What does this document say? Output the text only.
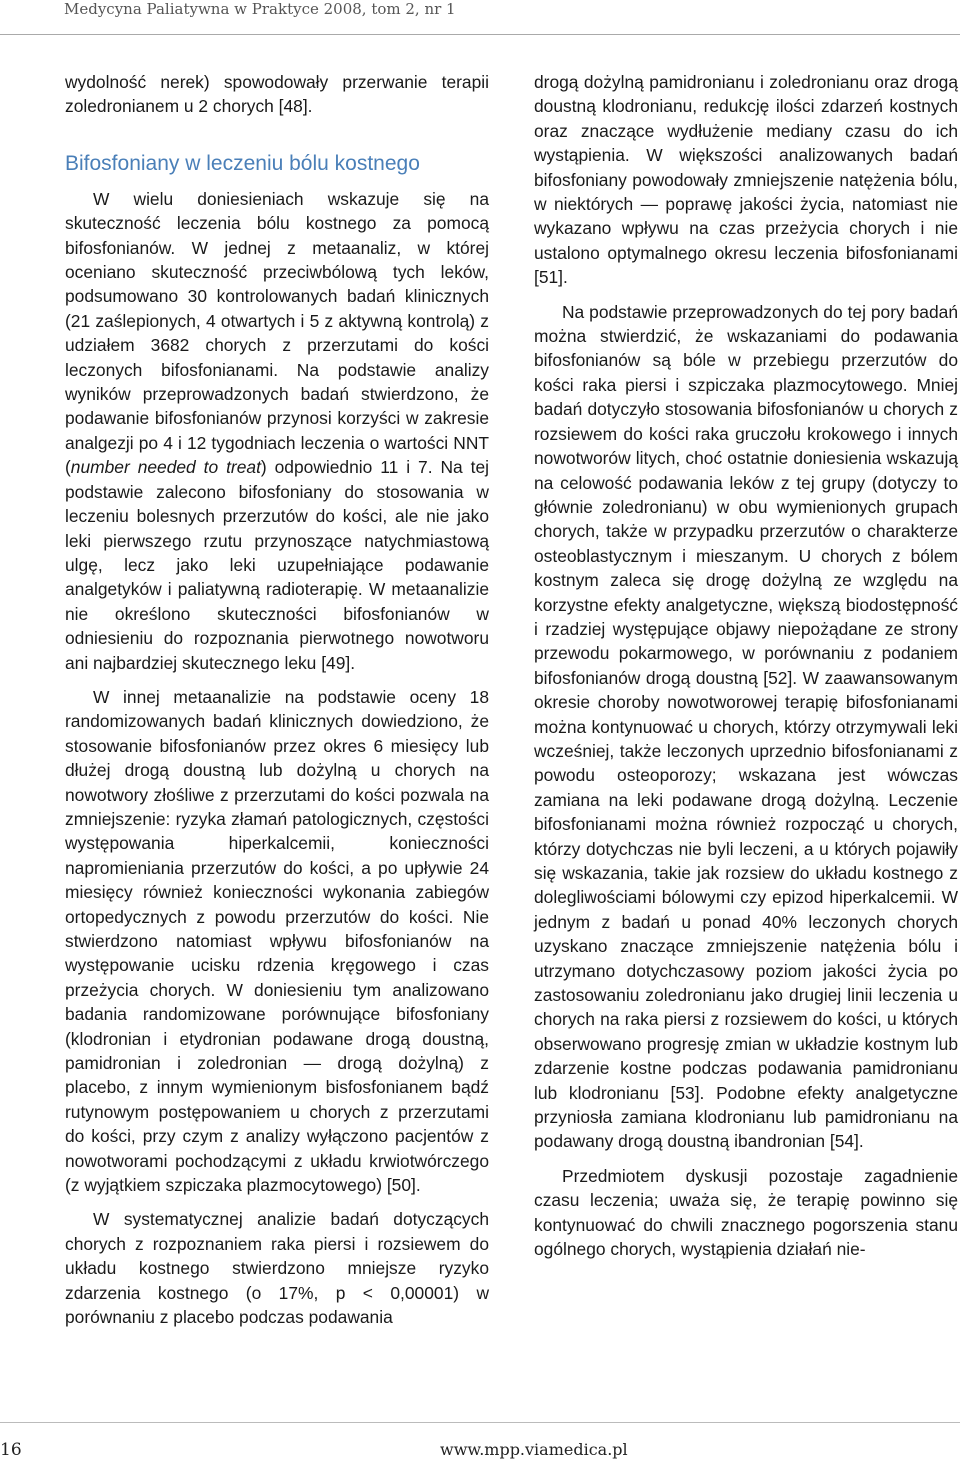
Medycyna Paliatywna w Praktyce 2008, tom 2, nr 1

wydolność nerek) spowodowały przerwanie terapii zoledronianem u 2 chorych [48].

Bifosfoniany w leczeniu bólu kostnego

W wielu doniesieniach wskazuje się na skuteczność leczenia bólu kostnego za pomocą bifosfonianów. W jednej z metaanaliz, w której oceniano skuteczność przeciwbólową tych leków, podsumowano 30 kontrolowanych badań klinicznych (21 zaślepionych, 4 otwartych i 5 z aktywną kontrolą) z udziałem 3682 chorych z przerzutami do kości leczonych bifosfonianami. Na podstawie analizy wyników przeprowadzonych badań stwierdzono, że podawanie bifosfonianów przynosi korzyści w zakresie analgezji po 4 i 12 tygodniach leczenia o wartości NNT (number needed to treat) odpowiednio 11 i 7. Na tej podstawie zalecono bifosfoniany do stosowania w leczeniu bolesnych przerzutów do kości, ale nie jako leki pierwszego rzutu przynoszące natychmiastową ulgę, lecz jako leki uzupełniające podawanie analgetyków i paliatywną radioterapię. W metaanalizie nie określono skuteczności bifosfonianów w odniesieniu do rozpoznania pierwotnego nowotworu ani najbardziej skutecznego leku [49].

W innej metaanalizie na podstawie oceny 18 randomizowanych badań klinicznych dowiedziono, że stosowanie bifosfonianów przez okres 6 miesięcy lub dłużej drogą doustną lub dożylną u chorych na nowotwory złośliwe z przerzutami do kości pozwala na zmniejszenie: ryzyka złamań patologicznych, częstości występowania hiperkalcemii, konieczności napromieniania przerzutów do kości, a po upływie 24 miesięcy również konieczności wykonania zabiegów ortopedycznych z powodu przerzutów do kości. Nie stwierdzono natomiast wpływu bifosfonianów na występowanie ucisku rdzenia kręgowego i czas przeżycia chorych. W doniesieniu tym analizowano badania randomizowane porównujące bifosfoniany (klodronian i etydronian podawane drogą doustną, pamidronian i zoledronian — drogą dożylną) z placebo, z innym wymienionym bisfosfonianem bądź rutynowym postępowaniem u chorych z przerzutami do kości, przy czym z analizy wyłączono pacjentów z nowotworami pochodzącymi z układu krwiotwórczego (z wyjątkiem szpiczaka plazmocytowego) [50].

W systematycznej analizie badań dotyczących chorych z rozpoznaniem raka piersi i rozsiewem do układu kostnego stwierdzono mniejsze ryzyko zdarzenia kostnego (o 17%, p < 0,00001) w porównaniu z placebo podczas podawania

drogą dożylną pamidronianu i zoledronianu oraz drogą doustną klodronianu, redukcję ilości zdarzeń kostnych oraz znaczące wydłużenie mediany czasu do ich wystąpienia. W większości analizowanych badań bifosfoniany powodowały zmniejszenie natężenia bólu, w niektórych — poprawę jakości życia, natomiast nie wykazano wpływu na czas przeżycia chorych i nie ustalono optymalnego okresu leczenia bifosfonianami [51].

Na podstawie przeprowadzonych do tej pory badań można stwierdzić, że wskazaniami do podawania bifosfonianów są bóle w przebiegu przerzutów do kości raka piersi i szpiczaka plazmocytowego. Mniej badań dotyczyło stosowania bifosfonianów u chorych z rozsiewem do kości raka gruczołu krokowego i innych nowotworów litych, choć ostatnie doniesienia wskazują na celowość podawania leków z tej grupy (dotyczy to głównie zoledronianu) w obu wymienionych grupach chorych, także w przypadku przerzutów o charakterze osteoblastycznym i mieszanym. U chorych z bólem kostnym zaleca się drogę dożylną ze względu na korzystne efekty analgetyczne, większą biodostępność i rzadziej występujące objawy niepożądane ze strony przewodu pokarmowego, w porównaniu z podaniem bifosfonianów drogą doustną [52]. W zaawansowanym okresie choroby nowotworowej terapię bifosfonianami można kontynuować u chorych, którzy otrzymywali leki wcześniej, także leczonych uprzednio bifosfonianami z powodu osteoporozy; wskazana jest wówczas zamiana na leki podawane drogą dożylną. Leczenie bifosfonianami można również rozpocząć u chorych, którzy dotychczas nie byli leczeni, a u których pojawiły się wskazania, takie jak rozsiew do układu kostnego z dolegliwościami bólowymi czy epizod hiperkalcemii. W jednym z badań u ponad 40% leczonych chorych uzyskano znaczące zmniejszenie natężenia bólu i utrzymano dotychczasowy poziom jakości życia po zastosowaniu zoledronianu jako drugiej linii leczenia u chorych na raka piersi z rozsiewem do kości, u których obserwowano progresję zmian w układzie kostnym lub zdarzenie kostne podczas podawania pamidronianu lub klodronianu [53]. Podobne efekty analgetyczne przyniosła zamiana klodronianu lub pamidronianu na podawany drogą doustną ibandronian [54].

Przedmiotem dyskusji pozostaje zagadnienie czasu leczenia; uważa się, że terapię powinno się kontynuować do chwili znacznego pogorszenia stanu ogólnego chorych, wystąpienia działań nie-

16	www.mpp.viamedica.pl
